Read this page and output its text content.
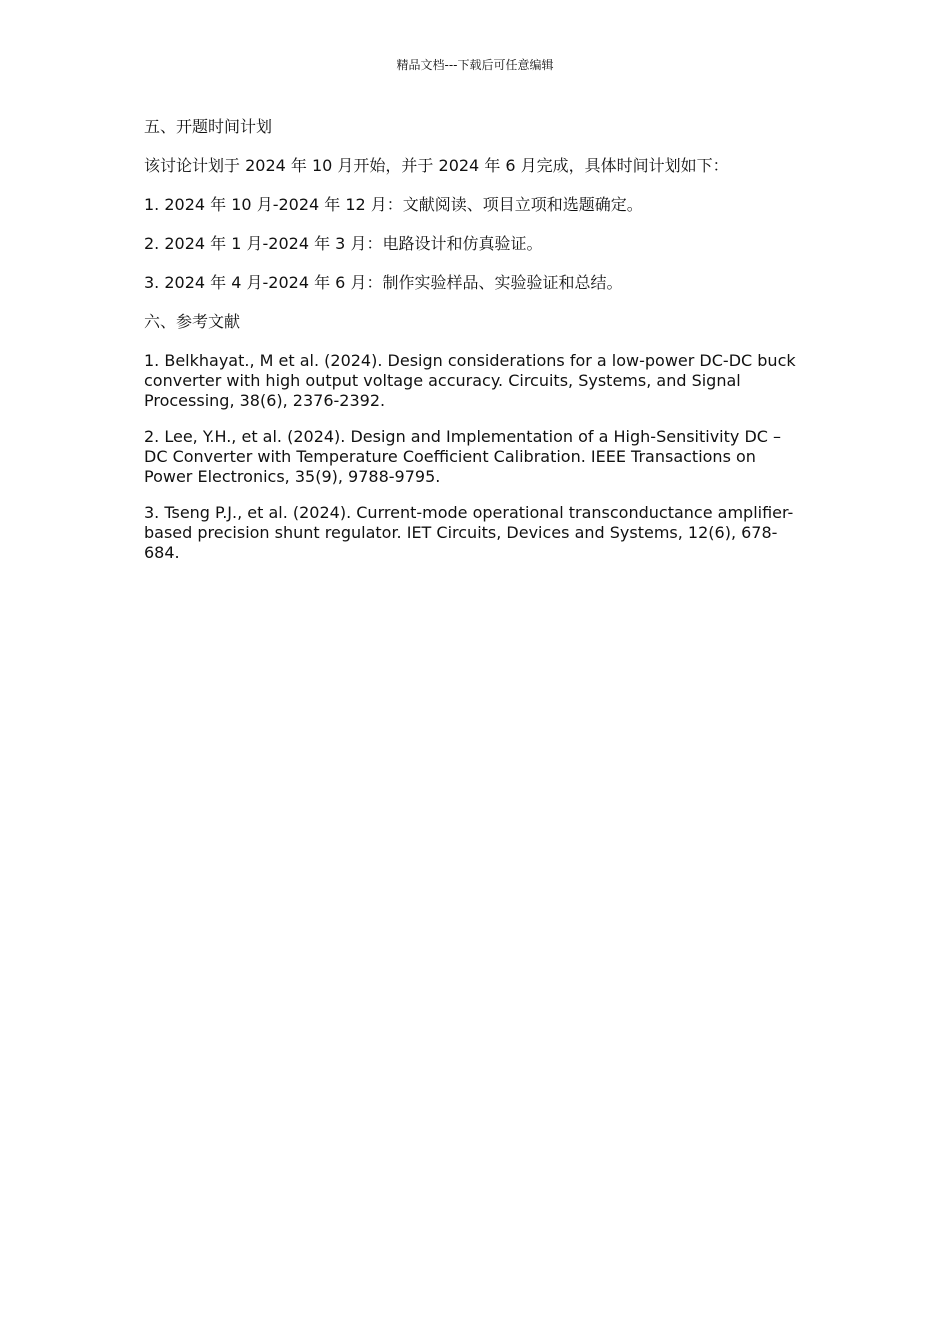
精品文档---下载后可任意编辑

五、开题时间计划

该讨论计划于 2024 年 10 月开始，并于 2024 年 6 月完成，具体时间计划如下：

1. 2024 年 10 月-2024 年 12 月：文献阅读、项目立项和选题确定。

2. 2024 年 1 月-2024 年 3 月：电路设计和仿真验证。

3. 2024 年 4 月-2024 年 6 月：制作实验样品、实验验证和总结。

六、参考文献

1. Belkhayat., M et al. (2024). Design considerations for a low-power DC-DC buck converter with high output voltage accuracy. Circuits, Systems, and Signal Processing, 38(6), 2376-2392.

2. Lee, Y.H., et al. (2024). Design and Implementation of a High-Sensitivity DC – DC Converter with Temperature Coefficient Calibration. IEEE Transactions on Power Electronics, 35(9), 9788-9795.

3. Tseng P.J., et al. (2024). Current-mode operational transconductance amplifier-based precision shunt regulator. IET Circuits, Devices and Systems, 12(6), 678-684.
